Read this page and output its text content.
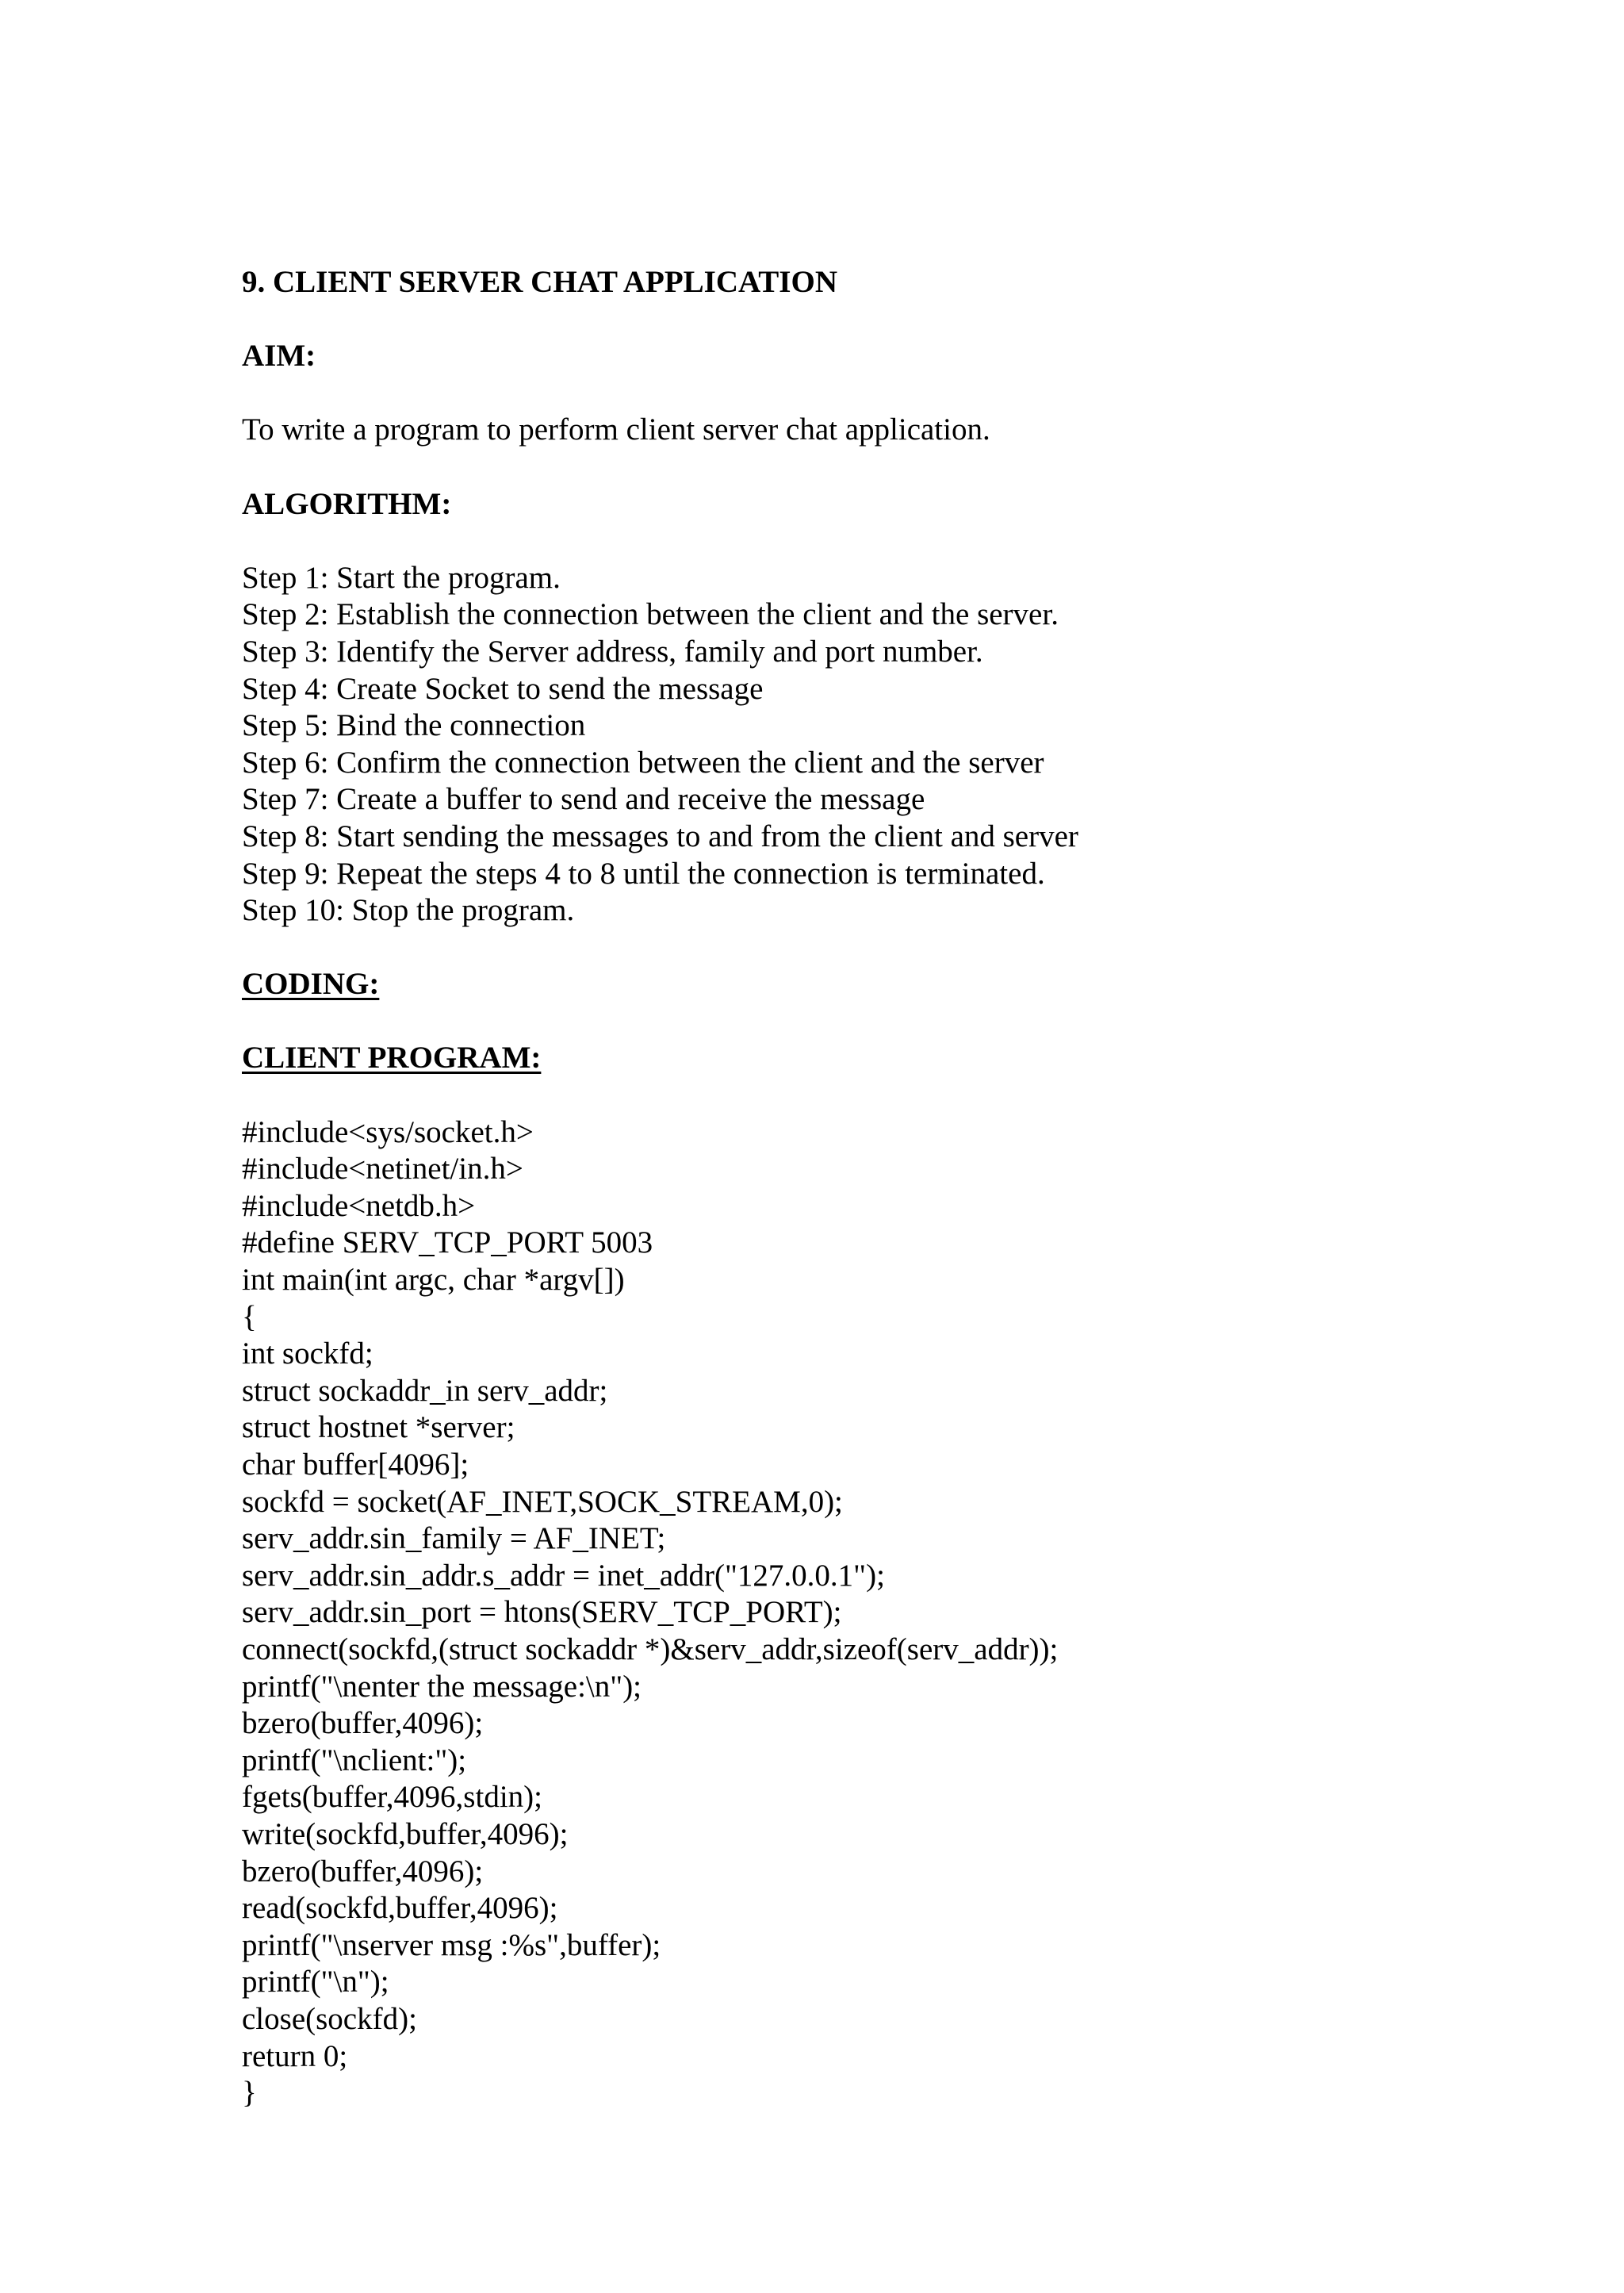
9. CLIENT SERVER CHAT APPLICATION
AIM:
To write a program to perform client server chat application.
ALGORITHM:
Step 1: Start the program.
Step 2: Establish the connection between the client and the server.
Step 3: Identify the Server address, family and port number.
Step 4: Create Socket to send the message
Step 5: Bind the connection
Step 6: Confirm the connection between the client and the server
Step 7: Create a buffer to send and receive the message
Step 8: Start sending the messages to and from the client and server
Step 9: Repeat the steps 4 to 8 until the connection is terminated.
Step 10: Stop the program.
CODING:
CLIENT PROGRAM:
#include<sys/socket.h>
#include<netinet/in.h>
#include<netdb.h>
#define SERV_TCP_PORT 5003
int main(int argc, char *argv[])
{
int sockfd;
struct sockaddr_in serv_addr;
struct hostnet *server;
char buffer[4096];
sockfd = socket(AF_INET,SOCK_STREAM,0);
serv_addr.sin_family = AF_INET;
serv_addr.sin_addr.s_addr = inet_addr("127.0.0.1");
serv_addr.sin_port = htons(SERV_TCP_PORT);
connect(sockfd,(struct sockaddr *)&serv_addr,sizeof(serv_addr));
printf("\nenter the message:\n");
bzero(buffer,4096);
printf("\nclient:");
fgets(buffer,4096,stdin);
write(sockfd,buffer,4096);
bzero(buffer,4096);
read(sockfd,buffer,4096);
printf("\nserver msg :%s",buffer);
printf("\n");
close(sockfd);
return 0;
}
